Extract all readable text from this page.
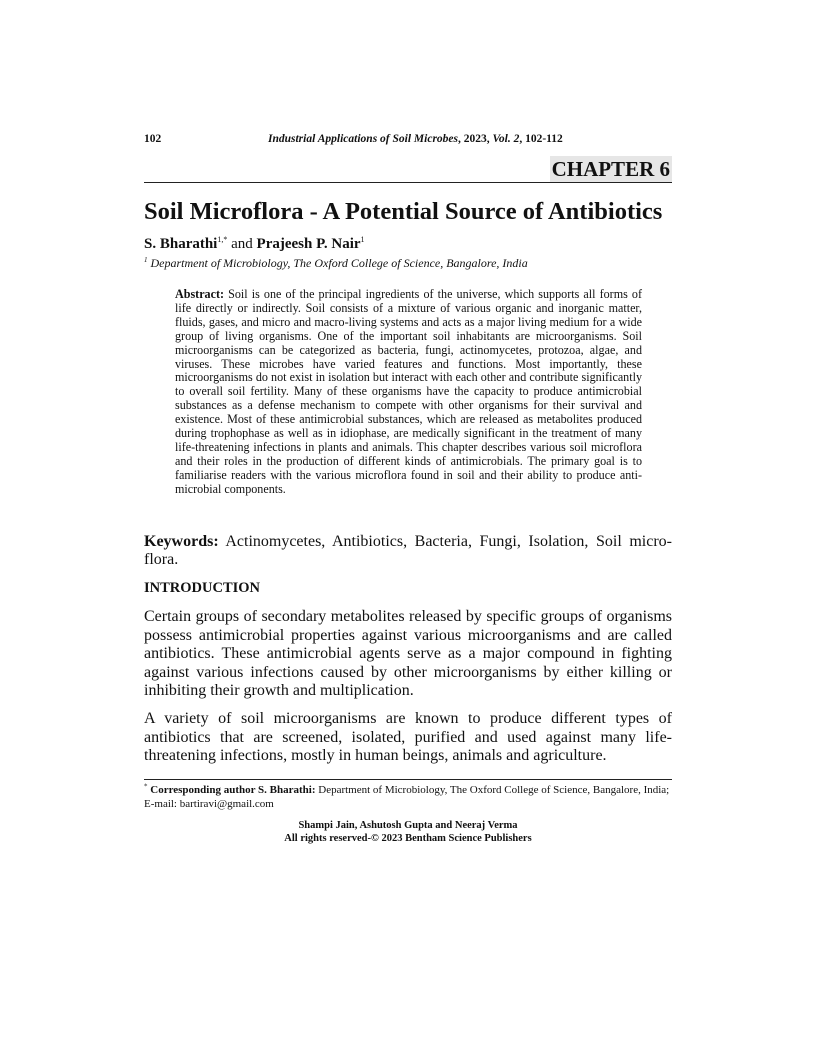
102	Industrial Applications of Soil Microbes, 2023, Vol. 2, 102-112
CHAPTER 6
Soil Microflora - A Potential Source of Antibiotics
S. Bharathi$^{1,*}$ and Prajeesh P. Nair$^1$
$^1$ Department of Microbiology, The Oxford College of Science, Bangalore, India
Abstract: Soil is one of the principal ingredients of the universe, which supports all forms of life directly or indirectly. Soil consists of a mixture of various organic and inorganic matter, fluids, gases, and micro and macro-living systems and acts as a major living medium for a wide group of living organisms. One of the important soil inhabitants are microorganisms. Soil microorganisms can be categorized as bacteria, fungi, actinomycetes, protozoa, algae, and viruses. These microbes have varied features and functions. Most importantly, these microorganisms do not exist in isolation but interact with each other and contribute significantly to overall soil fertility. Many of these organisms have the capacity to produce antimicrobial substances as a defense mechanism to compete with other organisms for their survival and existence. Most of these antimicrobial substances, which are released as metabolites produced during trophophase as well as in idiophase, are medically significant in the treatment of many life-threatening infections in plants and animals. This chapter describes various soil microflora and their roles in the production of different kinds of antimicrobials. The primary goal is to familiarise readers with the various microflora found in soil and their ability to produce anti-microbial components.
Keywords: Actinomycetes, Antibiotics, Bacteria, Fungi, Isolation, Soil micro-flora.
INTRODUCTION
Certain groups of secondary metabolites released by specific groups of organisms possess antimicrobial properties against various microorganisms and are called antibiotics. These antimicrobial agents serve as a major compound in fighting against various infections caused by other microorganisms by either killing or inhibiting their growth and multiplication.
A variety of soil microorganisms are known to produce different types of antibiotics that are screened, isolated, purified and used against many life-threatening infections, mostly in human beings, animals and agriculture.
* Corresponding author S. Bharathi: Department of Microbiology, The Oxford College of Science, Bangalore, India; E-mail: bartiravi@gmail.com
Shampi Jain, Ashutosh Gupta and Neeraj Verma
All rights reserved-© 2023 Bentham Science Publishers
